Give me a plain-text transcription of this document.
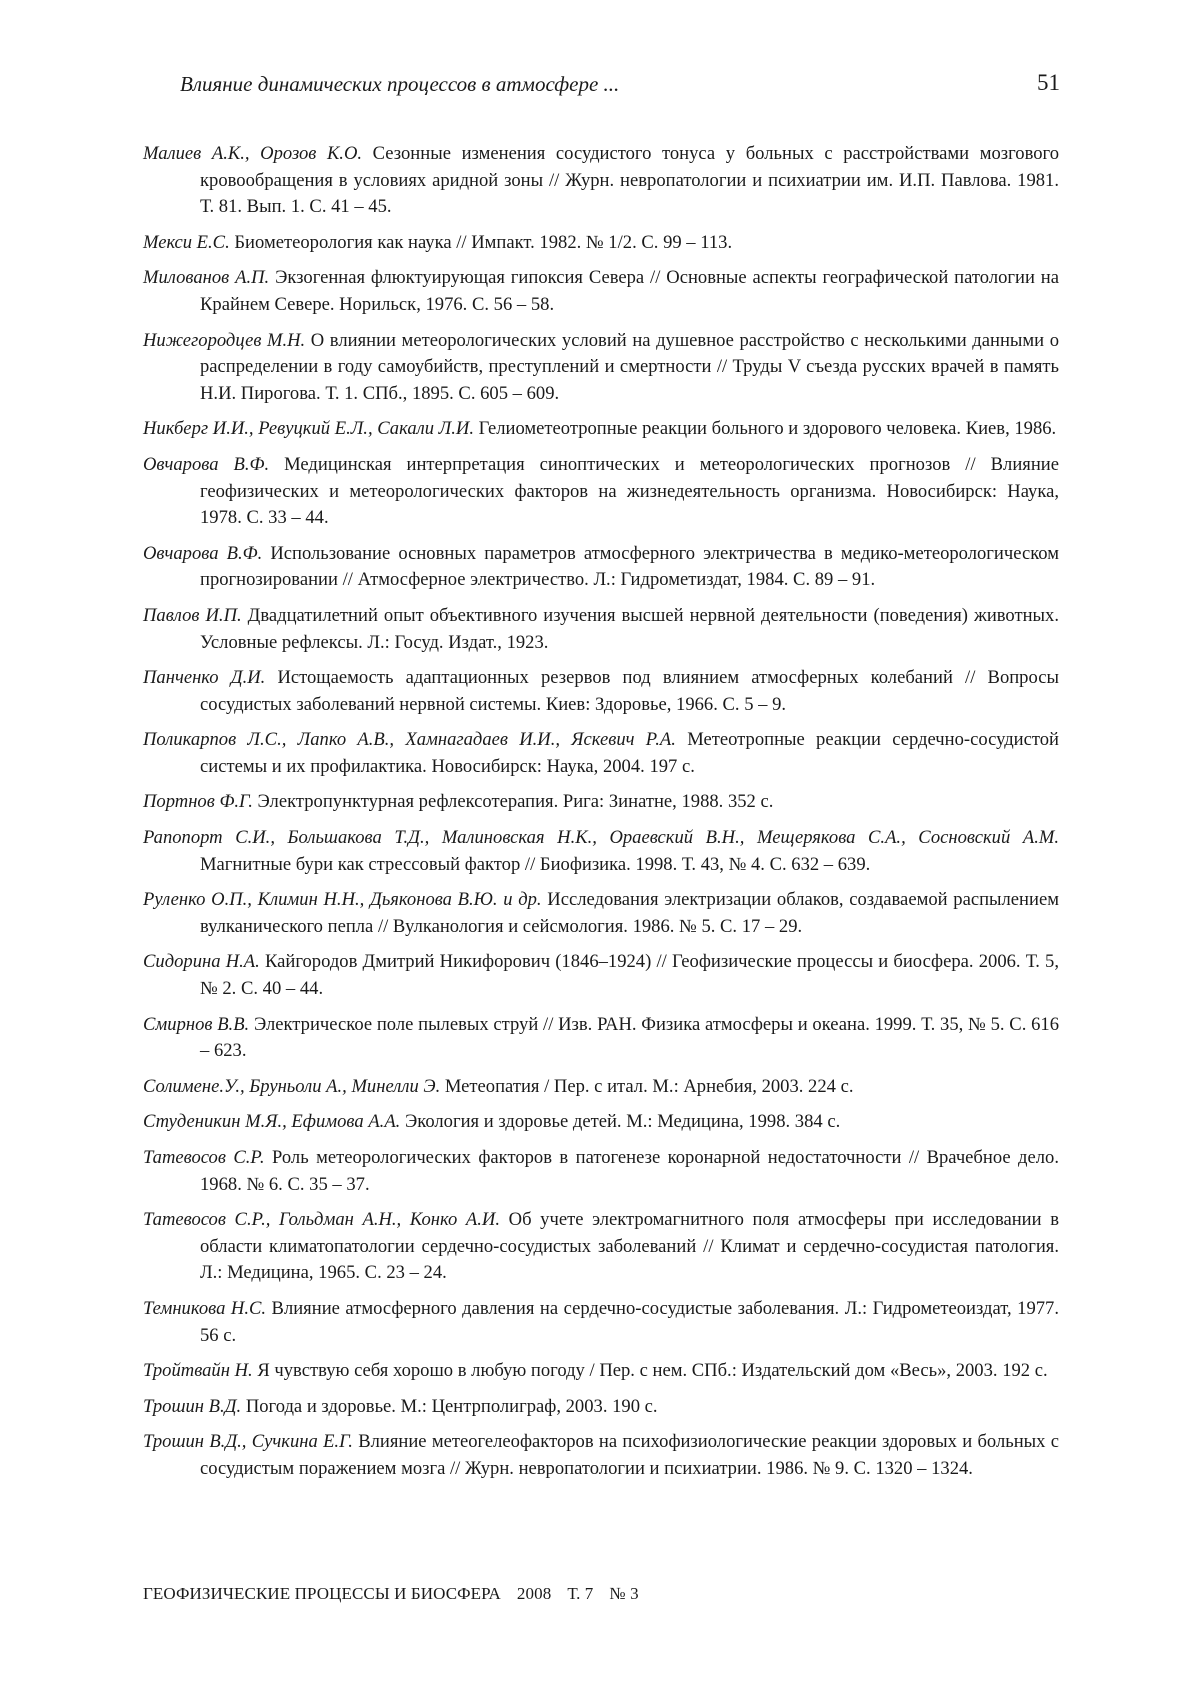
Влияние динамических процессов в атмосфере ...	51
Малиев А.К., Орозов К.О. Сезонные изменения сосудистого тонуса у больных с расстройствами мозгового кровообращения в условиях аридной зоны // Журн. невропатологии и психиатрии им. И.П. Павлова. 1981. Т. 81. Вып. 1. С. 41 – 45.
Мекси Е.С. Биометеорология как наука // Импакт. 1982. № 1/2. С. 99 – 113.
Милованов А.П. Экзогенная флюктуирующая гипоксия Севера // Основные аспекты географической патологии на Крайнем Севере. Норильск, 1976. С. 56 – 58.
Нижегородцев М.Н. О влиянии метеорологических условий на душевное расстройство с несколькими данными о распределении в году самоубийств, преступлений и смертности // Труды V съезда русских врачей в память Н.И. Пирогова. Т. 1. СПб., 1895. С. 605 – 609.
Никберг И.И., Ревуцкий Е.Л., Сакали Л.И. Гелиометеотропные реакции больного и здорового человека. Киев, 1986.
Овчарова В.Ф. Медицинская интерпретация синоптических и метеорологических прогнозов // Влияние геофизических и метеорологических факторов на жизнедеятельность организма. Новосибирск: Наука, 1978. С. 33 – 44.
Овчарова В.Ф. Использование основных параметров атмосферного электричества в медико-метеорологическом прогнозировании // Атмосферное электричество. Л.: Гидрометиздат, 1984. С. 89 – 91.
Павлов И.П. Двадцатилетний опыт объективного изучения высшей нервной деятельности (поведения) животных. Условные рефлексы. Л.: Госуд. Издат., 1923.
Панченко Д.И. Истощаемость адаптационных резервов под влиянием атмосферных колебаний // Вопросы сосудистых заболеваний нервной системы. Киев: Здоровье, 1966. С. 5 – 9.
Поликарпов Л.С., Лапко А.В., Хамнагадаев И.И., Яскевич Р.А. Метеотропные реакции сердечно-сосудистой системы и их профилактика. Новосибирск: Наука, 2004. 197 с.
Портнов Ф.Г. Электропунктурная рефлексотерапия. Рига: Зинатне, 1988. 352 с.
Рапопорт С.И., Большакова Т.Д., Малиновская Н.К., Ораевский В.Н., Мещерякова С.А., Сосновский А.М. Магнитные бури как стрессовый фактор // Биофизика. 1998. Т. 43, № 4. С. 632 – 639.
Руленко О.П., Климин Н.Н., Дьяконова В.Ю. и др. Исследования электризации облаков, создаваемой распылением вулканического пепла // Вулканология и сейсмология. 1986. № 5. С. 17 – 29.
Сидорина Н.А. Кайгородов Дмитрий Никифорович (1846–1924) // Геофизические процессы и биосфера. 2006. Т. 5, № 2. С. 40 – 44.
Смирнов В.В. Электрическое поле пылевых струй // Изв. РАН. Физика атмосферы и океана. 1999. Т. 35, № 5. С. 616 – 623.
Солимене.У., Бруньоли А., Минелли Э. Метеопатия / Пер. с итал. М.: Арнебия, 2003. 224 с.
Студеникин М.Я., Ефимова А.А. Экология и здоровье детей. М.: Медицина, 1998. 384 с.
Татевосов С.Р. Роль метеорологических факторов в патогенезе коронарной недостаточности // Врачебное дело. 1968. № 6. С. 35 – 37.
Татевосов С.Р., Гольдман А.Н., Конко А.И. Об учете электромагнитного поля атмосферы при исследовании в области климатопатологии сердечно-сосудистых заболеваний // Климат и сердечно-сосудистая патология. Л.: Медицина, 1965. С. 23 – 24.
Темникова Н.С. Влияние атмосферного давления на сердечно-сосудистые заболевания. Л.: Гидрометеоиздат, 1977. 56 с.
Тройтвайн Н. Я чувствую себя хорошо в любую погоду / Пер. с нем. СПб.: Издательский дом «Весь», 2003. 192 с.
Трошин В.Д. Погода и здоровье. М.: Центрполиграф, 2003. 190 с.
Трошин В.Д., Сучкина Е.Г. Влияние метеогелеофакторов на психофизиологические реакции здоровых и больных с сосудистым поражением мозга // Журн. невропатологии и психиатрии. 1986. № 9. С. 1320 – 1324.
ГЕОФИЗИЧЕСКИЕ ПРОЦЕССЫ И БИОСФЕРА 2008 Т. 7 № 3
